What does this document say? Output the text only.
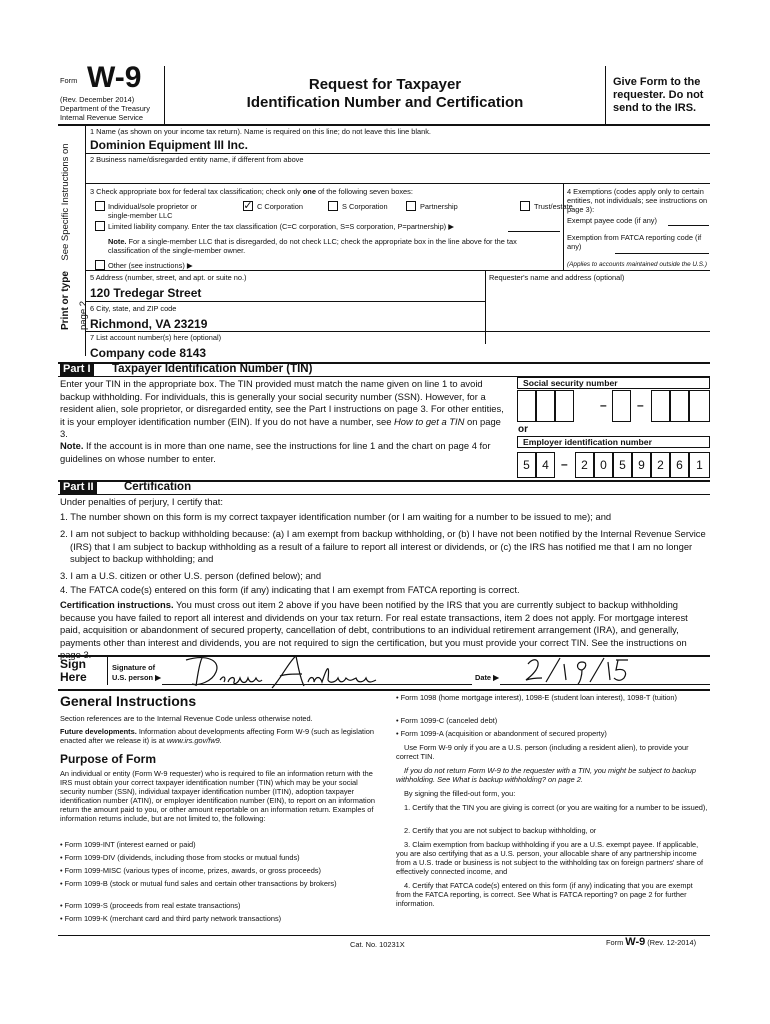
Form W-9
(Rev. December 2014)
Department of the Treasury
Internal Revenue Service
Request for Taxpayer
Identification Number and Certification
Give Form to the
requester. Do not
send to the IRS.
Print or type See Specific Instructions on page 2.
1 Name (as shown on your income tax return). Name is required on this line; do not leave this line blank.
Dominion Equipment III Inc.
2 Business name/disregarded entity name, if different from above
3 Check appropriate box for federal tax classification; check only one of the following seven boxes:
Individual/sole proprietor or
single-member LLC
✓ C Corporation	S Corporation	Partnership	Trust/estate
Limited liability company. Enter the tax classification (C=C corporation, S=S corporation, P=partnership) ▶
Note. For a single-member LLC that is disregarded, do not check LLC; check the appropriate box in the line above for the tax classification of the single-member owner.
Other (see instructions) ▶
4 Exemptions (codes apply only to certain entities, not individuals; see instructions on page 3):
Exempt payee code (if any)
Exemption from FATCA reporting code (if any)
(Applies to accounts maintained outside the U.S.)
5 Address (number, street, and apt. or suite no.)
120 Tredegar Street
Requester's name and address (optional)
6 City, state, and ZIP code
Richmond, VA 23219
7 List account number(s) here (optional)
Company code 8143
Part I Taxpayer Identification Number (TIN)
Enter your TIN in the appropriate box. The TIN provided must match the name given on line 1 to avoid backup withholding. For individuals, this is generally your social security number (SSN). However, for a resident alien, sole proprietor, or disregarded entity, see the Part I instructions on page 3. For other entities, it is your employer identification number (EIN). If you do not have a number, see How to get a TIN on page 3.
Note. If the account is in more than one name, see the instructions for line 1 and the chart on page 4 for guidelines on whose number to enter.
Social security number
–	–
or
Employer identification number
5	4	–	2	0	5	9	2	6	1
Part II	Certification
Under penalties of perjury, I certify that:
1. The number shown on this form is my correct taxpayer identification number (or I am waiting for a number to be issued to me); and
2. I am not subject to backup withholding because: (a) I am exempt from backup withholding, or (b) I have not been notified by the Internal Revenue Service (IRS) that I am subject to backup withholding as a result of a failure to report all interest or dividends, or (c) the IRS has notified me that I am no longer subject to backup withholding; and
3. I am a U.S. citizen or other U.S. person (defined below); and
4. The FATCA code(s) entered on this form (if any) indicating that I am exempt from FATCA reporting is correct.
Certification instructions. You must cross out item 2 above if you have been notified by the IRS that you are currently subject to backup withholding because you have failed to report all interest and dividends on your tax return. For real estate transactions, item 2 does not apply. For mortgage interest paid, acquisition or abandonment of secured property, cancellation of debt, contributions to an individual retirement arrangement (IRA), and generally, payments other than interest and dividends, you are not required to sign the certification, but you must provide your correct TIN. See the instructions on page 3.
Sign
Here
Signature of
U.S. person ▶	Date ▶
General Instructions
Section references are to the Internal Revenue Code unless otherwise noted.
Future developments. Information about developments affecting Form W-9 (such as legislation enacted after we release it) is at www.irs.gov/fw9.
Purpose of Form
An individual or entity (Form W-9 requester) who is required to file an information return with the IRS must obtain your correct taxpayer identification number (TIN) which may be your social security number (SSN), individual taxpayer identification number (ITIN), adoption taxpayer identification number (ATIN), or employer identification number (EIN), to report on an information return the amount paid to you, or other amount reportable on an information return. Examples of information returns include, but are not limited to, the following:
• Form 1099-INT (interest earned or paid)
• Form 1099-DIV (dividends, including those from stocks or mutual funds)
• Form 1099-MISC (various types of income, prizes, awards, or gross proceeds)
• Form 1099-B (stock or mutual fund sales and certain other transactions by brokers)
• Form 1099-S (proceeds from real estate transactions)
• Form 1099-K (merchant card and third party network transactions)
• Form 1098 (home mortgage interest), 1098-E (student loan interest), 1098-T (tuition)
• Form 1099-C (canceled debt)
• Form 1099-A (acquisition or abandonment of secured property)
Use Form W-9 only if you are a U.S. person (including a resident alien), to provide your correct TIN.
If you do not return Form W-9 to the requester with a TIN, you might be subject to backup withholding. See What is backup withholding? on page 2.
By signing the filled-out form, you:
1. Certify that the TIN you are giving is correct (or you are waiting for a number to be issued),
2. Certify that you are not subject to backup withholding, or
3. Claim exemption from backup withholding if you are a U.S. exempt payee. If applicable, you are also certifying that as a U.S. person, your allocable share of any partnership income from a U.S. trade or business is not subject to the withholding tax on foreign partners' share of effectively connected income, and
4. Certify that FATCA code(s) entered on this form (if any) indicating that you are exempt from the FATCA reporting, is correct. See What is FATCA reporting? on page 2 for further information.
Cat. No. 10231X	Form W-9 (Rev. 12-2014)
